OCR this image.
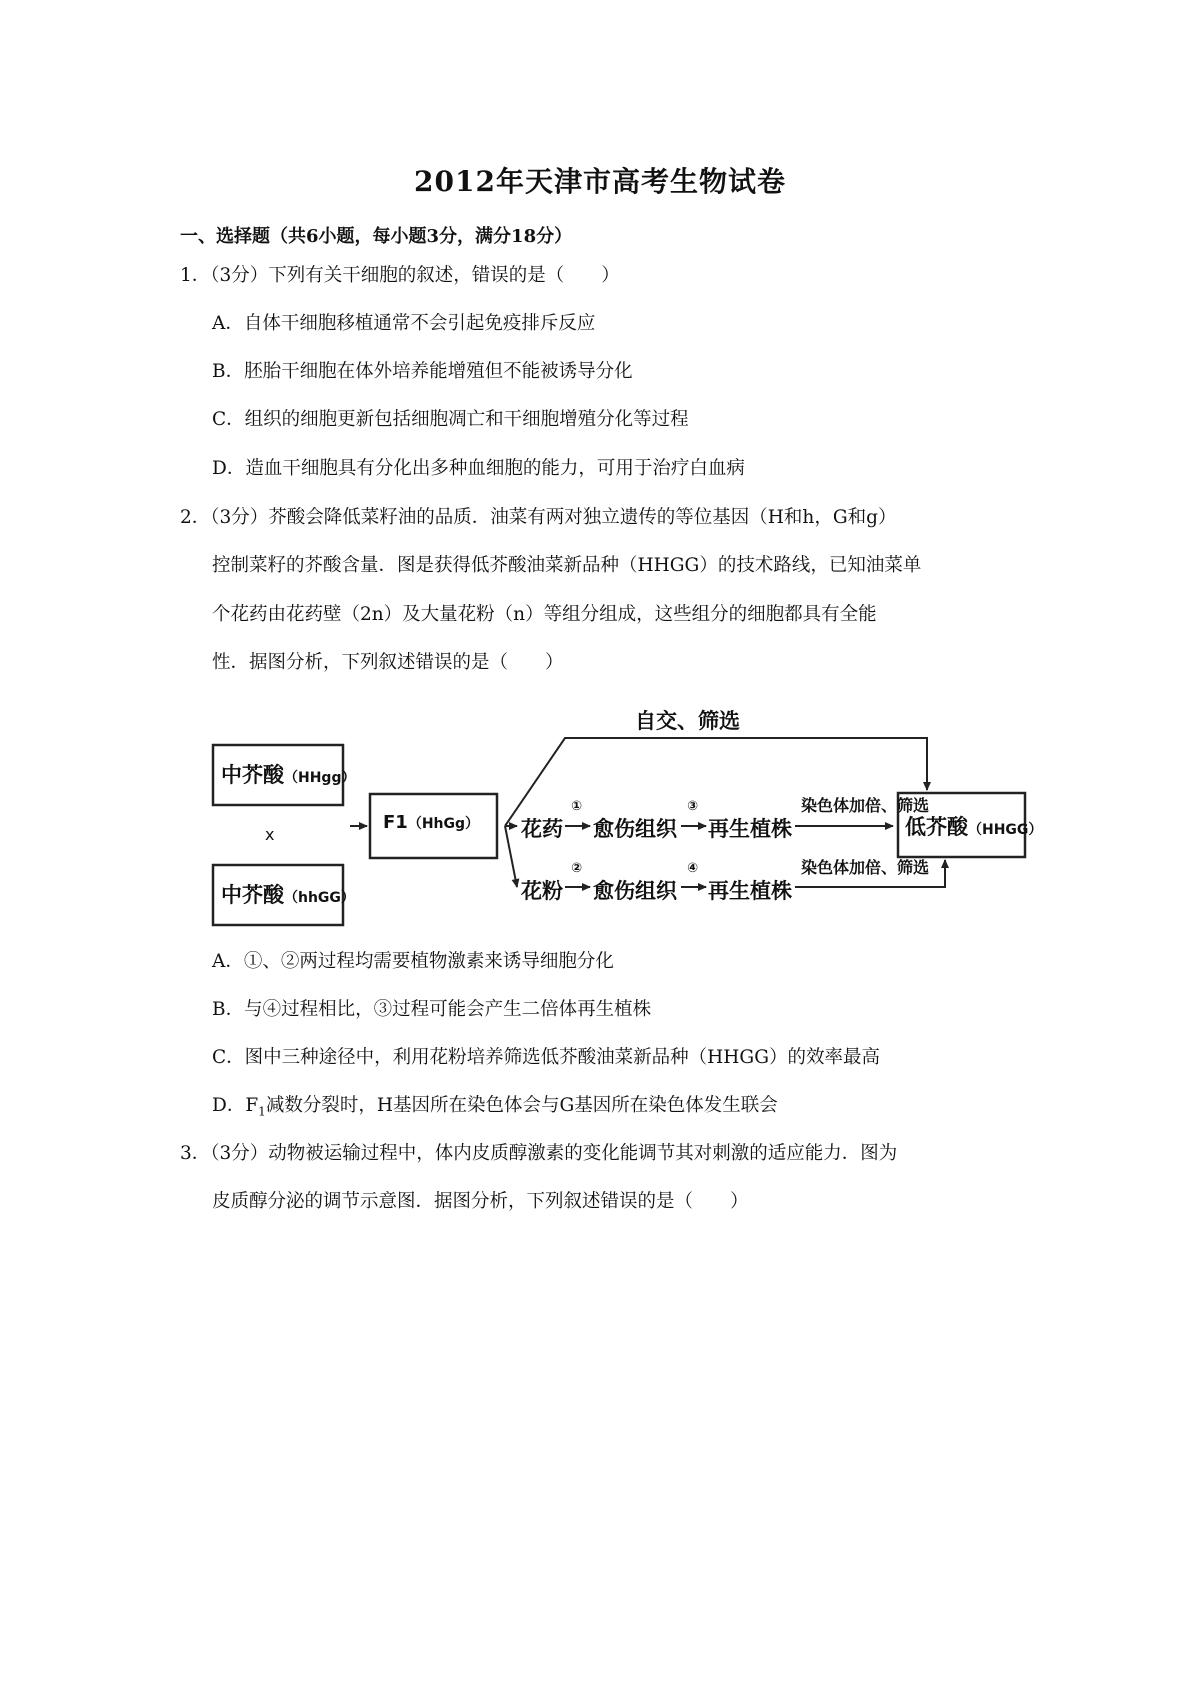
2012年天津市高考生物试卷
一、选择题（共6小题，每小题3分，满分18分）
1．（3分）下列有关干细胞的叙述，错误的是（　　）
A．自体干细胞移植通常不会引起免疫排斥反应
B．胚胎干细胞在体外培养能增殖但不能被诱导分化
C．组织的细胞更新包括细胞凋亡和干细胞增殖分化等过程
D．造血干细胞具有分化出多种血细胞的能力，可用于治疗白血病
2．（3分）芥酸会降低菜籽油的品质．油菜有两对独立遗传的等位基因（H和h，G和g）
控制菜籽的芥酸含量．图是获得低芥酸油菜新品种（HHGG）的技术路线，已知油菜单
个花药由花药壁（2n）及大量花粉（n）等组分组成，这些组分的细胞都具有全能
性．据图分析，下列叙述错误的是（　　）
中芥酸（HHgg）
x
中芥酸（hhGG）
F1（HhGg）
自交、筛选
花药
①
愈伤组织
③
再生植株
染色体加倍、筛选
花粉
②
愈伤组织
④
再生植株
染色体加倍、筛选
低芥酸（HHGG）
A．①、②两过程均需要植物激素来诱导细胞分化
B．与④过程相比，③过程可能会产生二倍体再生植株
C．图中三种途径中，利用花粉培养筛选低芥酸油菜新品种（HHGG）的效率最高
D．$F_1$减数分裂时，H基因所在染色体会与G基因所在染色体发生联会
3．（3分）动物被运输过程中，体内皮质醇激素的变化能调节其对刺激的适应能力．图为
皮质醇分泌的调节示意图．据图分析，下列叙述错误的是（　　）
